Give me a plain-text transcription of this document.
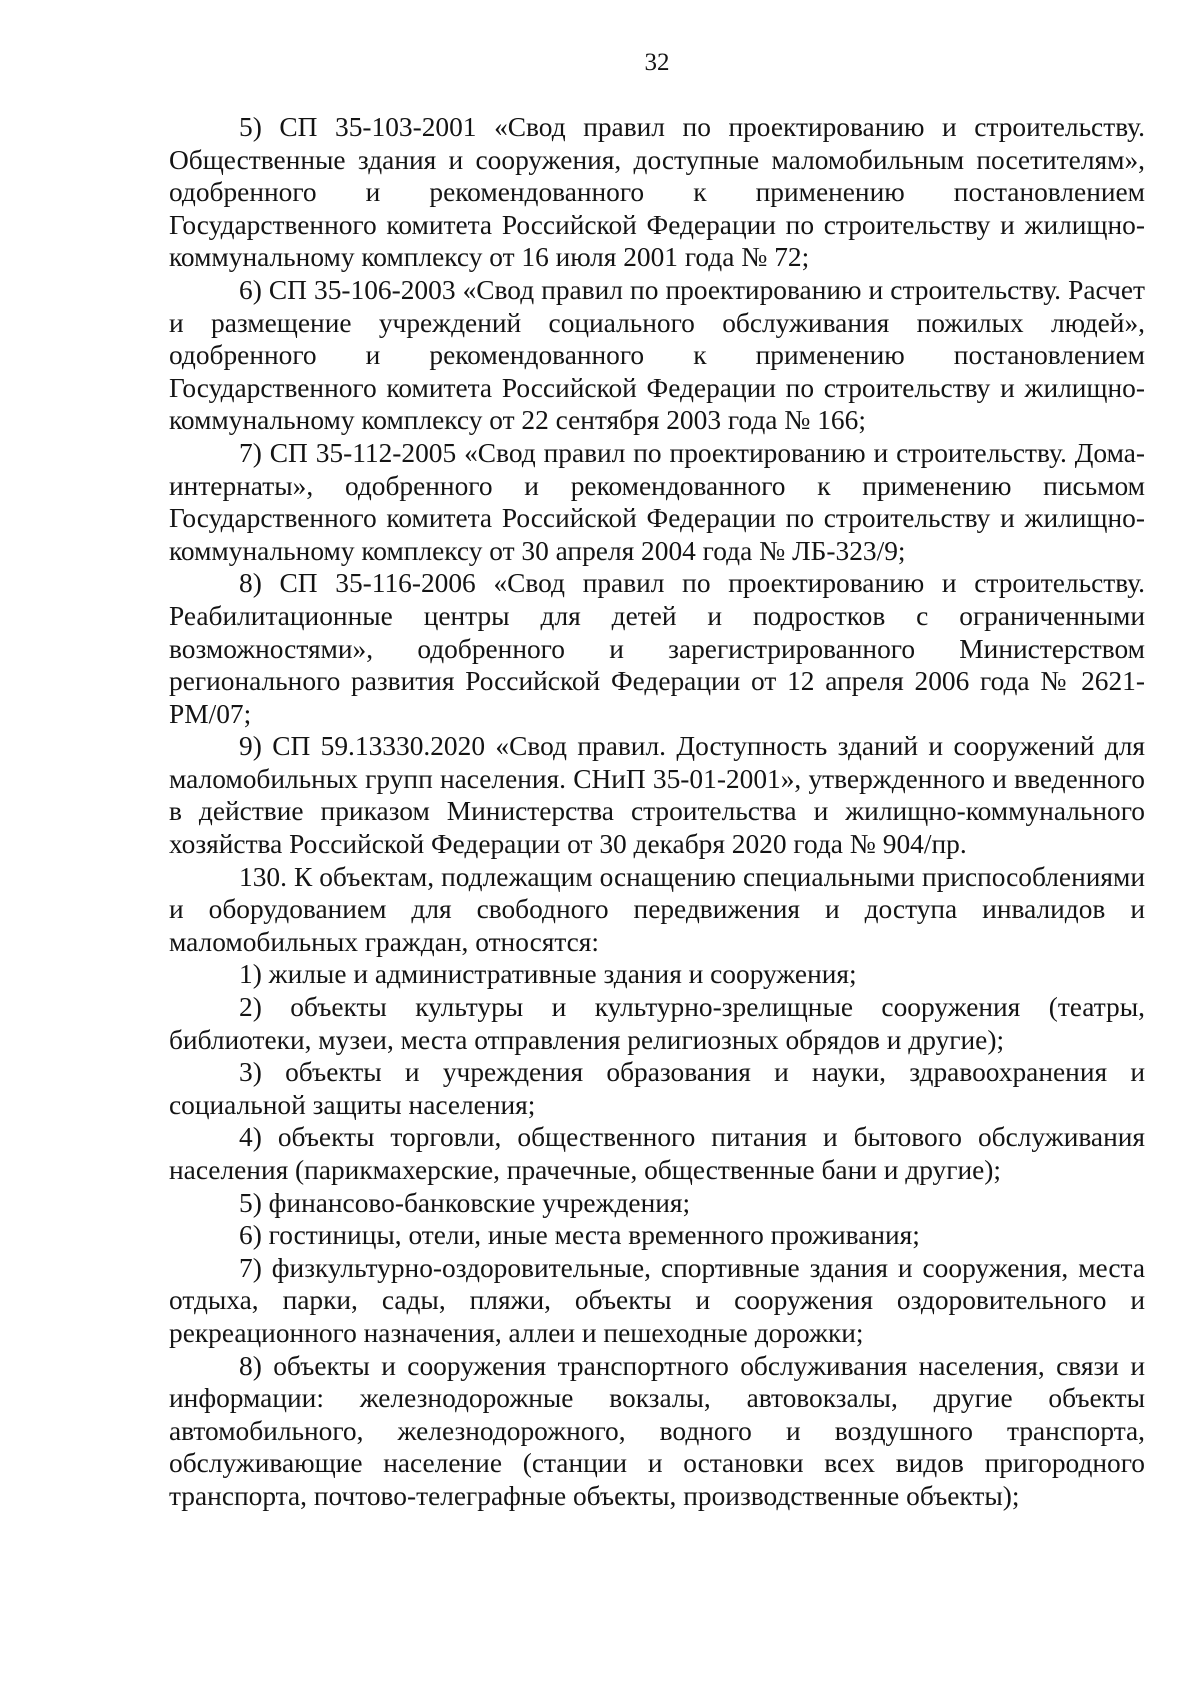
32

5) СП 35-103-2001 «Свод правил по проектированию и строительству. Общественные здания и сооружения, доступные маломобильным посетителям», одобренного и рекомендованного к применению постановлением Государственного комитета Российской Федерации по строительству и жилищно-коммунальному комплексу от 16 июля 2001 года № 72;

6) СП 35-106-2003 «Свод правил по проектированию и строительству. Расчет и размещение учреждений социального обслуживания пожилых людей», одобренного и рекомендованного к применению постановлением Государственного комитета Российской Федерации по строительству и жилищно-коммунальному комплексу от 22 сентября 2003 года № 166;

7) СП 35-112-2005 «Свод правил по проектированию и строительству. Дома-интернаты», одобренного и рекомендованного к применению письмом Государственного комитета Российской Федерации по строительству и жилищно-коммунальному комплексу от 30 апреля 2004 года № ЛБ-323/9;

8) СП 35-116-2006 «Свод правил по проектированию и строительству. Реабилитационные центры для детей и подростков с ограниченными возможностями», одобренного и зарегистрированного Министерством регионального развития Российской Федерации от 12 апреля 2006 года № 2621-РМ/07;

9) СП 59.13330.2020 «Свод правил. Доступность зданий и сооружений для маломобильных групп населения. СНиП 35-01-2001», утвержденного и введенного в действие приказом Министерства строительства и жилищно-коммунального хозяйства Российской Федерации от 30 декабря 2020 года № 904/пр.

130. К объектам, подлежащим оснащению специальными приспособлениями и оборудованием для свободного передвижения и доступа инвалидов и маломобильных граждан, относятся:

1) жилые и административные здания и сооружения;

2) объекты культуры и культурно-зрелищные сооружения (театры, библиотеки, музеи, места отправления религиозных обрядов и другие);

3) объекты и учреждения образования и науки, здравоохранения и социальной защиты населения;

4) объекты торговли, общественного питания и бытового обслуживания населения (парикмахерские, прачечные, общественные бани и другие);

5) финансово-банковские учреждения;

6) гостиницы, отели, иные места временного проживания;

7) физкультурно-оздоровительные, спортивные здания и сооружения, места отдыха, парки, сады, пляжи, объекты и сооружения оздоровительного и рекреационного назначения, аллеи и пешеходные дорожки;

8) объекты и сооружения транспортного обслуживания населения, связи и информации: железнодорожные вокзалы, автовокзалы, другие объекты автомобильного, железнодорожного, водного и воздушного транспорта, обслуживающие население (станции и остановки всех видов пригородного транспорта, почтово-телеграфные объекты, производственные объекты);
